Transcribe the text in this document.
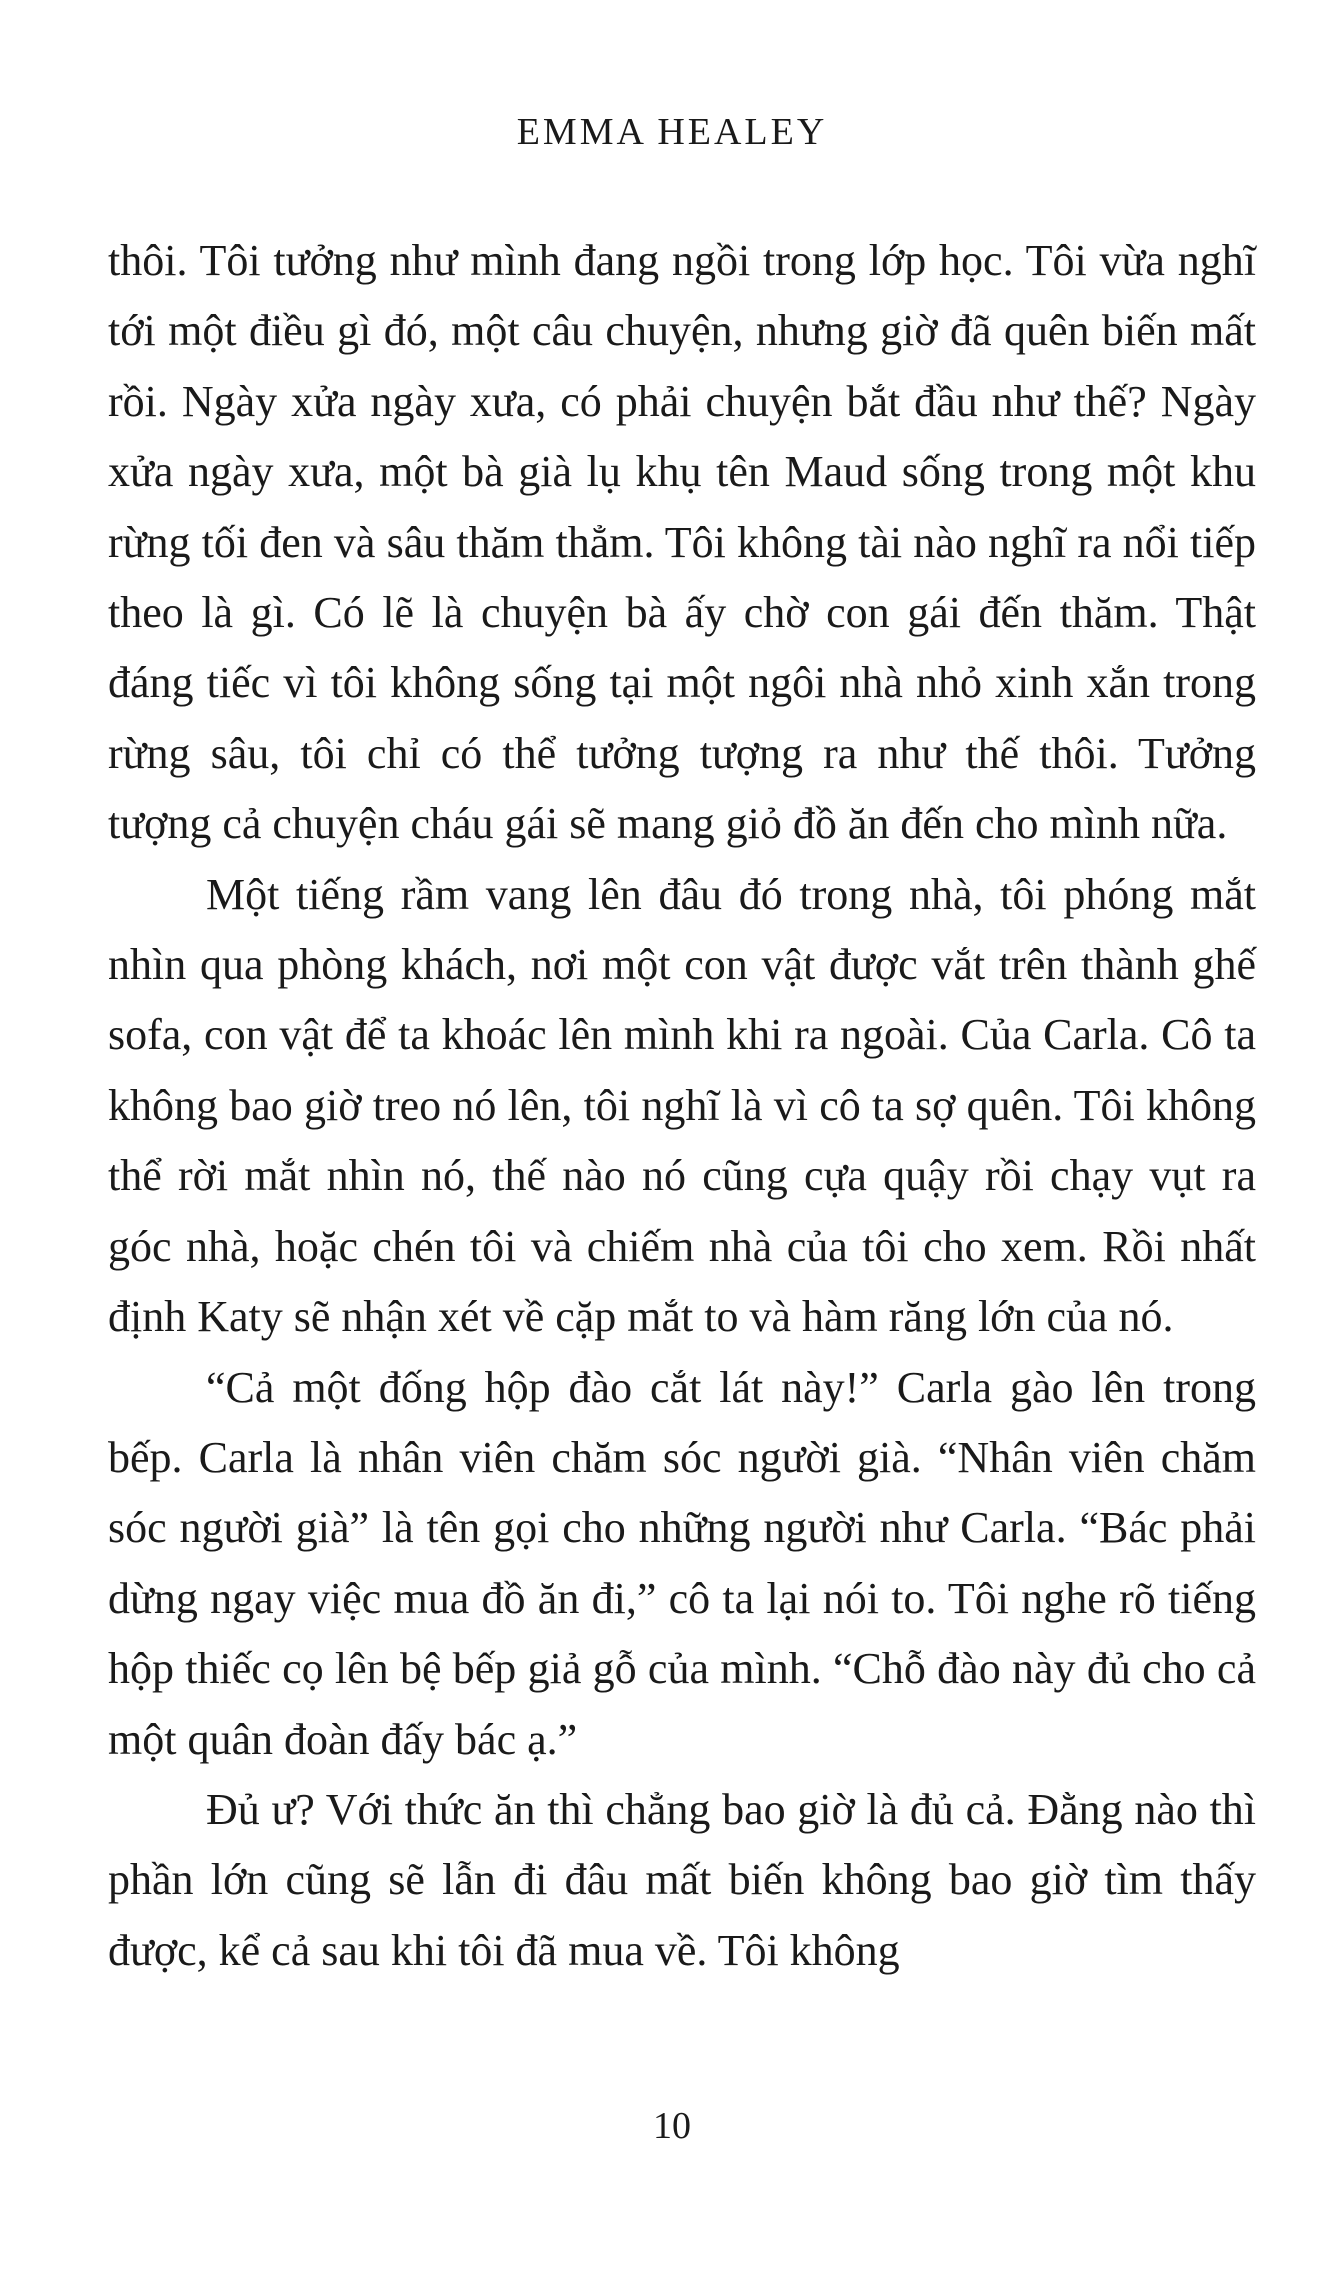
EMMA HEALEY

thôi. Tôi tưởng như mình đang ngồi trong lớp học. Tôi vừa nghĩ tới một điều gì đó, một câu chuyện, nhưng giờ đã quên biến mất rồi. Ngày xửa ngày xưa, có phải chuyện bắt đầu như thế? Ngày xửa ngày xưa, một bà già lụ khụ tên Maud sống trong một khu rừng tối đen và sâu thăm thẳm. Tôi không tài nào nghĩ ra nổi tiếp theo là gì. Có lẽ là chuyện bà ấy chờ con gái đến thăm. Thật đáng tiếc vì tôi không sống tại một ngôi nhà nhỏ xinh xắn trong rừng sâu, tôi chỉ có thể tưởng tượng ra như thế thôi. Tưởng tượng cả chuyện cháu gái sẽ mang giỏ đồ ăn đến cho mình nữa.

Một tiếng rầm vang lên đâu đó trong nhà, tôi phóng mắt nhìn qua phòng khách, nơi một con vật được vắt trên thành ghế sofa, con vật để ta khoác lên mình khi ra ngoài. Của Carla. Cô ta không bao giờ treo nó lên, tôi nghĩ là vì cô ta sợ quên. Tôi không thể rời mắt nhìn nó, thế nào nó cũng cựa quậy rồi chạy vụt ra góc nhà, hoặc chén tôi và chiếm nhà của tôi cho xem. Rồi nhất định Katy sẽ nhận xét về cặp mắt to và hàm răng lớn của nó.

“Cả một đống hộp đào cắt lát này!” Carla gào lên trong bếp. Carla là nhân viên chăm sóc người già. “Nhân viên chăm sóc người già” là tên gọi cho những người như Carla. “Bác phải dừng ngay việc mua đồ ăn đi,” cô ta lại nói to. Tôi nghe rõ tiếng hộp thiếc cọ lên bệ bếp giả gỗ của mình. “Chỗ đào này đủ cho cả một quân đoàn đấy bác ạ.”

Đủ ư? Với thức ăn thì chẳng bao giờ là đủ cả. Đằng nào thì phần lớn cũng sẽ lẫn đi đâu mất biến không bao giờ tìm thấy được, kể cả sau khi tôi đã mua về. Tôi không

10
